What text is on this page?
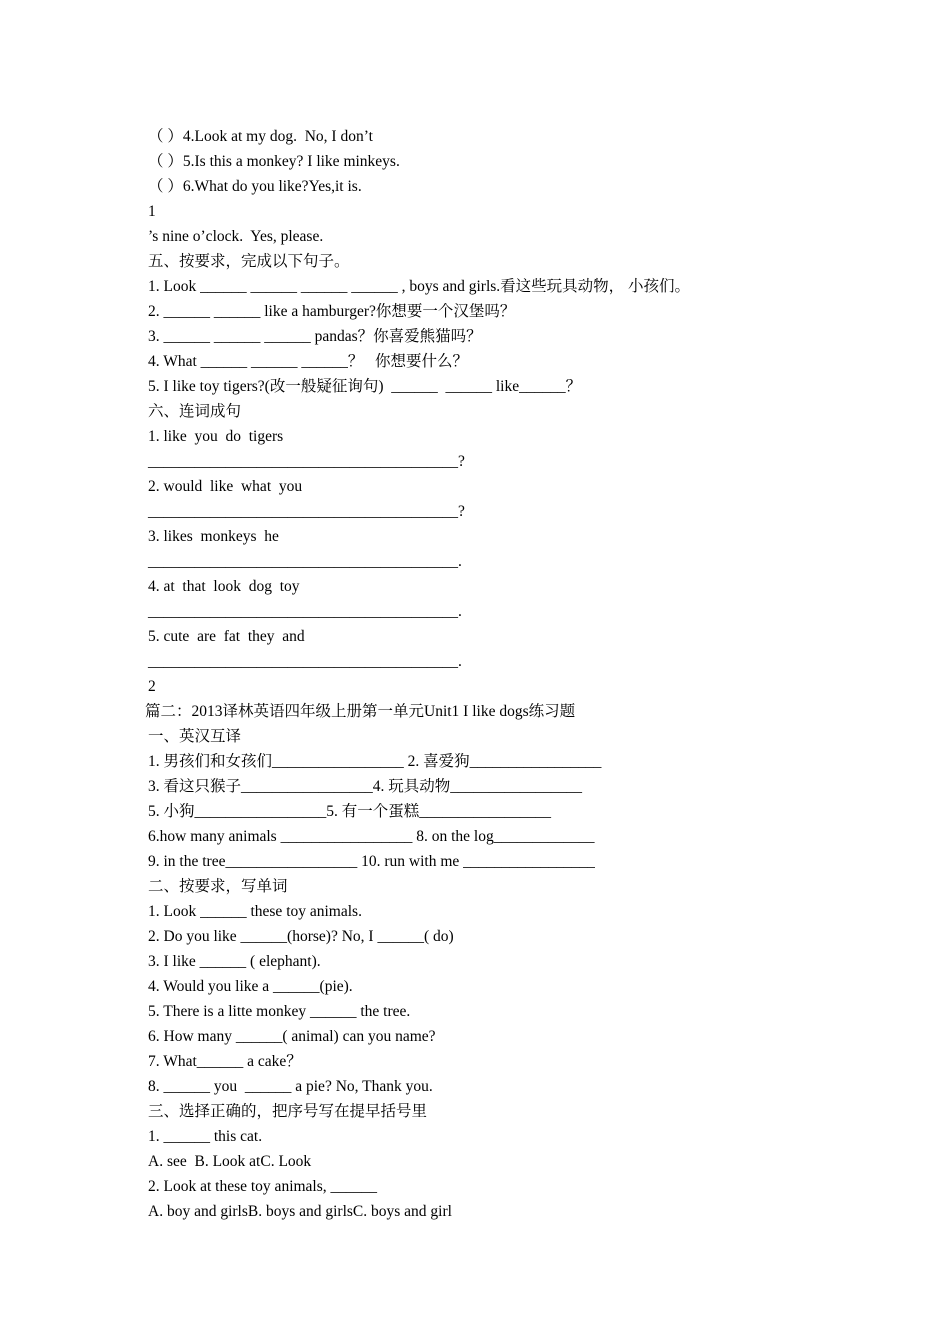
（ ）4.Look at my dog.  No, I don’t
（ ）5.Is this a monkey? I like minkeys.
（ ）6.What do you like?Yes,it is.
1
’s nine o’clock.  Yes, please.
五、按要求，完成以下句子。
1. Look ______ ______ ______ ______ , boys and girls.看这些玩具动物， 小孩们。
2. ______ ______ like a hamburger?你想要一个汉堡吗？
3. ______ ______ ______ pandas？你喜爱熊猫吗？
4. What ______ ______ ______？   你想要什么？
5. I like toy tigers?(改一般疑征询句)  ______  ______ like______？
六、连词成句
1. like  you  do  tigers
________________________________________?
2. would  like  what  you
________________________________________?
3. likes  monkeys  he
________________________________________.
4. at  that  look  dog  toy
________________________________________.
5. cute  are  fat  they  and
________________________________________.
2
篇二：2013译林英语四年级上册第一单元Unit1 I like dogs练习题
一、英汉互译
1. 男孩们和女孩们_________________ 2. 喜爱狗_________________
3. 看这只猴子_________________4. 玩具动物_________________
5. 小狗_________________5. 有一个蛋糕_________________
6.how many animals _________________ 8. on the log_____________
9. in the tree_________________ 10. run with me _________________
二、按要求，写单词
1. Look ______ these toy animals.
2. Do you like ______(horse)? No, I ______( do)
3. I like ______ ( elephant).
4. Would you like a ______(pie).
5. There is a litte monkey ______ the tree.
6. How many ______( animal) can you name?
7. What______ a cake？
8. ______ you  ______ a pie? No, Thank you.
三、选择正确的，把序号写在提早括号里
1. ______ this cat.
A. see  B. Look atC. Look
2. Look at these toy animals, ______
A. boy and girlsB. boys and girlsC. boys and girl
